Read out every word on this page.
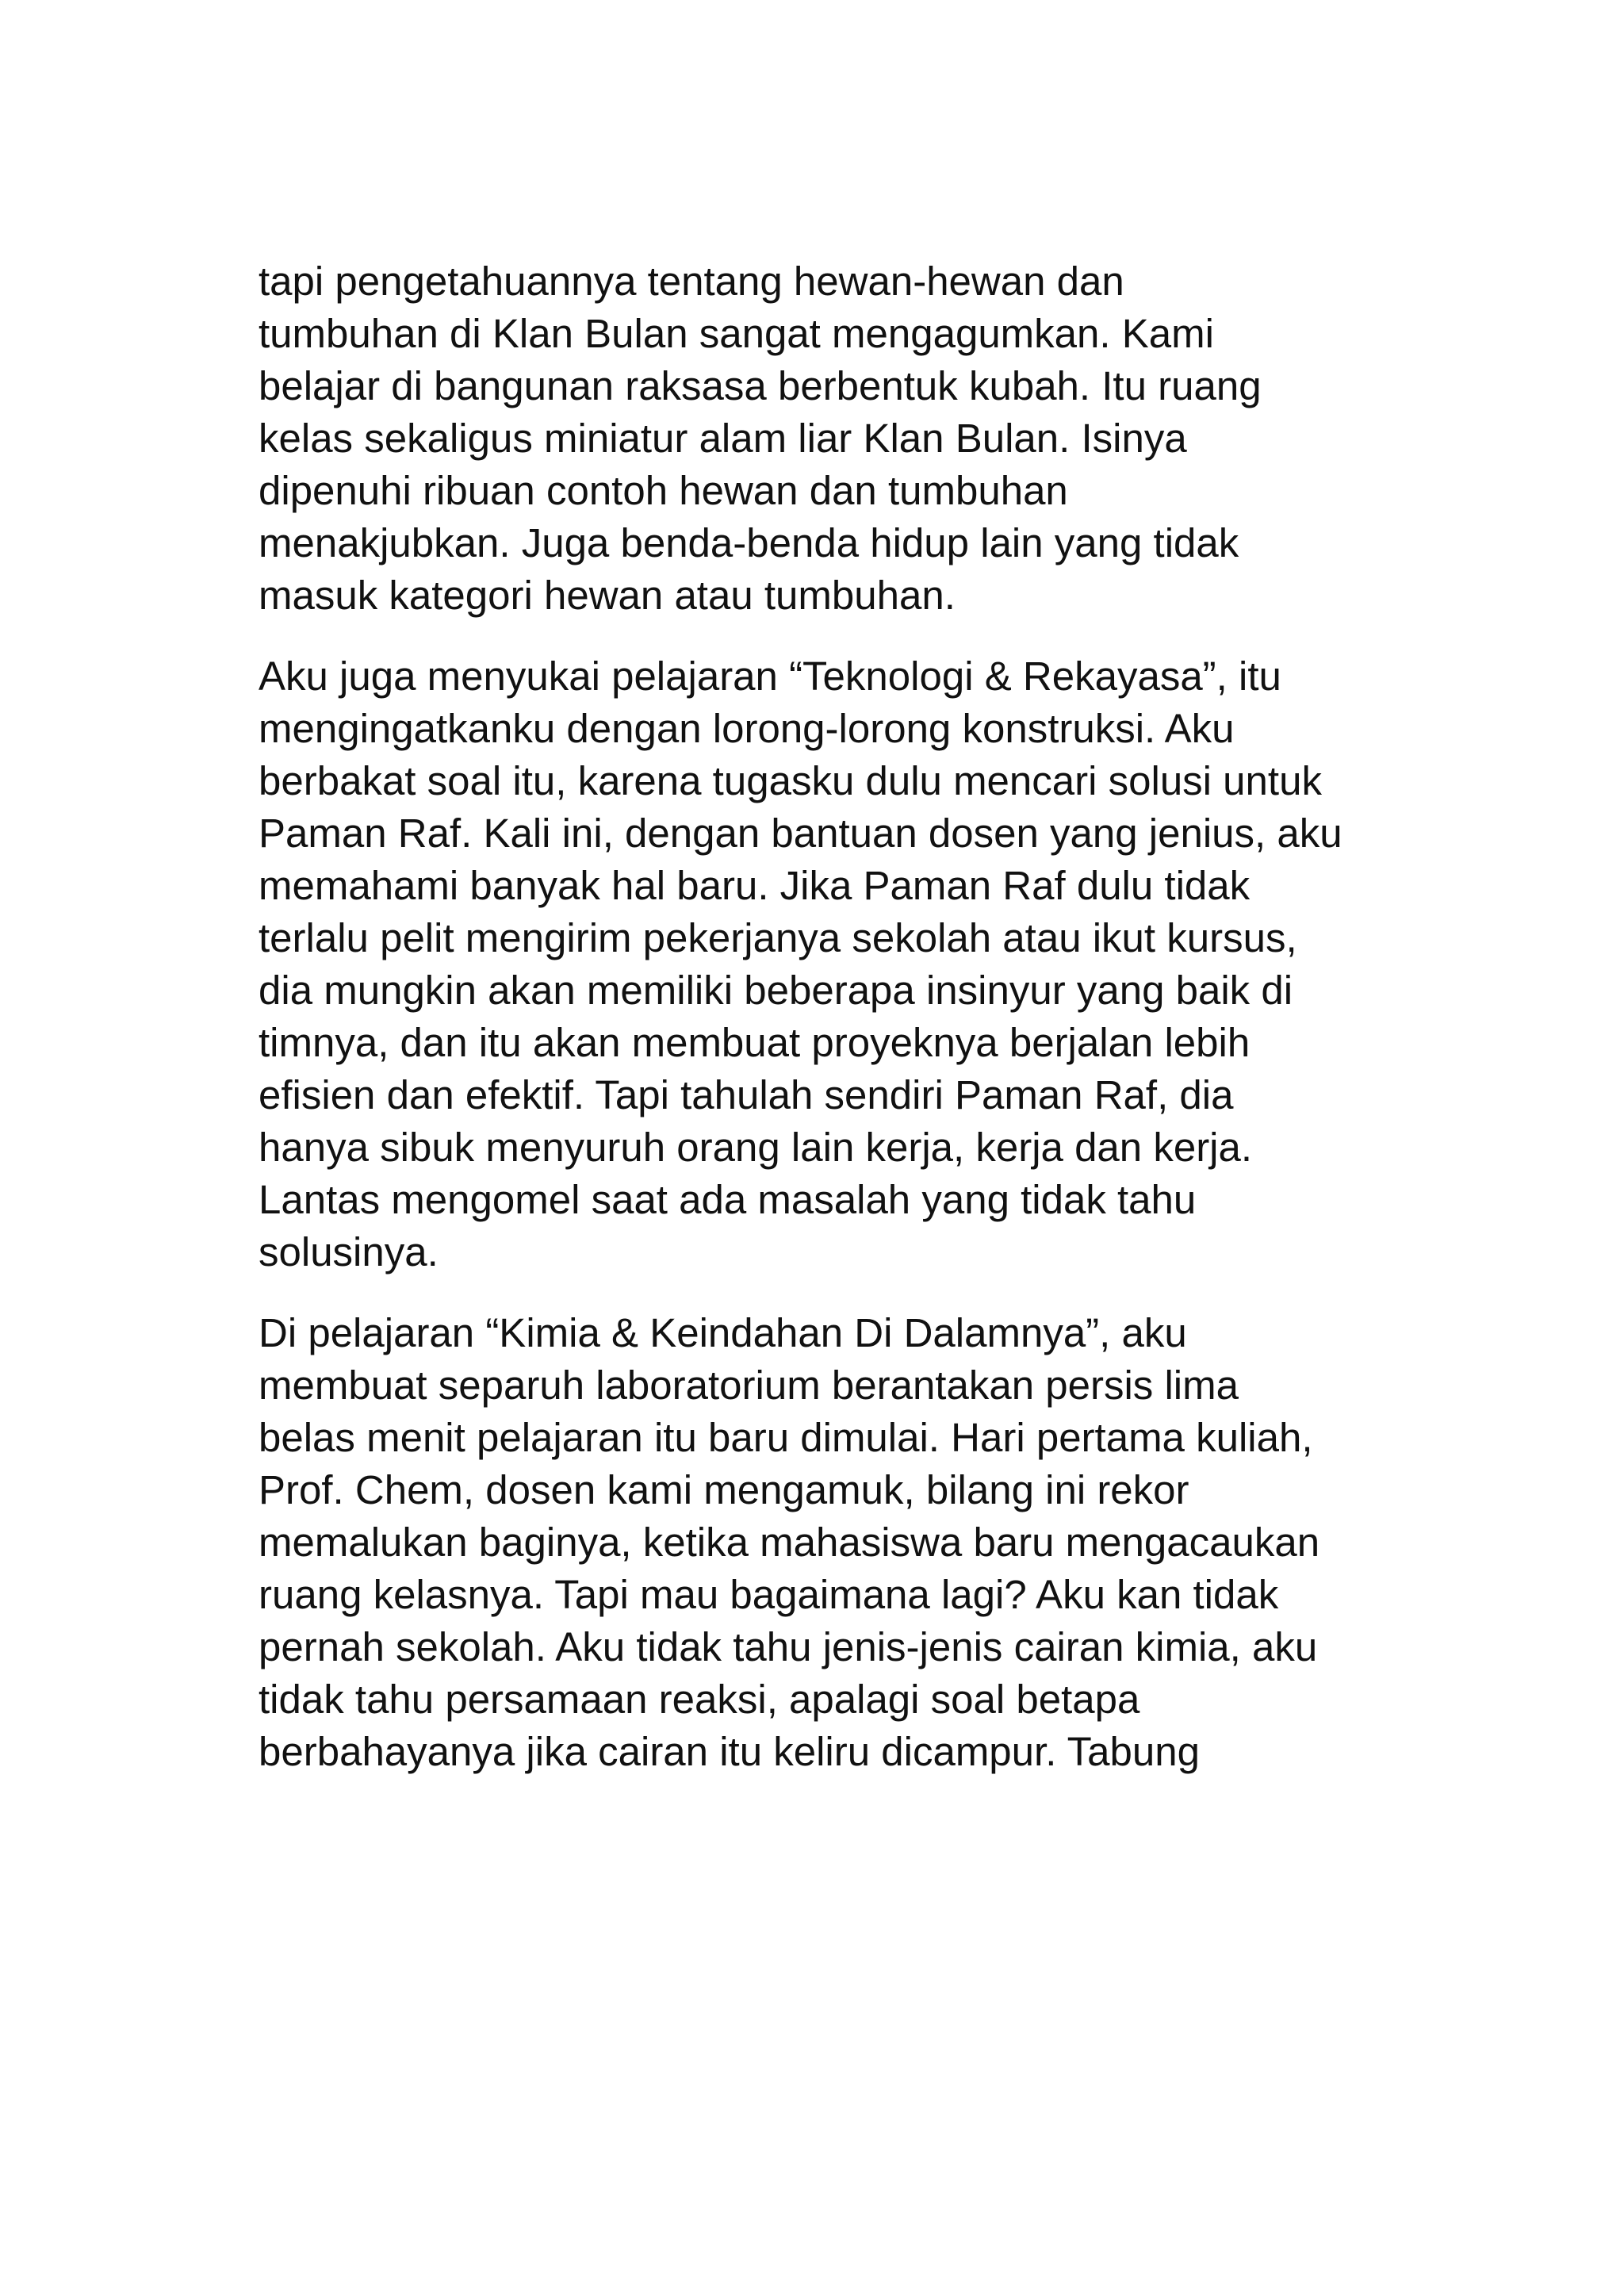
tapi pengetahuannya tentang hewan-hewan dan
tumbuhan di Klan Bulan sangat mengagumkan. Kami
belajar di bangunan raksasa berbentuk kubah. Itu ruang
kelas sekaligus miniatur alam liar Klan Bulan. Isinya
dipenuhi ribuan contoh hewan dan tumbuhan
menakjubkan. Juga benda-benda hidup lain yang tidak
masuk kategori hewan atau tumbuhan.

Aku juga menyukai pelajaran “Teknologi & Rekayasa”, itu
mengingatkanku dengan lorong-lorong konstruksi. Aku
berbakat soal itu, karena tugasku dulu mencari solusi untuk
Paman Raf. Kali ini, dengan bantuan dosen yang jenius, aku
memahami banyak hal baru. Jika Paman Raf dulu tidak
terlalu pelit mengirim pekerjanya sekolah atau ikut kursus,
dia mungkin akan memiliki beberapa insinyur yang baik di
timnya, dan itu akan membuat proyeknya berjalan lebih
efisien dan efektif. Tapi tahulah sendiri Paman Raf, dia
hanya sibuk menyuruh orang lain kerja, kerja dan kerja.
Lantas mengomel saat ada masalah yang tidak tahu
solusinya.

Di pelajaran “Kimia & Keindahan Di Dalamnya”, aku
membuat separuh laboratorium berantakan persis lima
belas menit pelajaran itu baru dimulai. Hari pertama kuliah,
Prof. Chem, dosen kami mengamuk, bilang ini rekor
memalukan baginya, ketika mahasiswa baru mengacaukan
ruang kelasnya. Tapi mau bagaimana lagi? Aku kan tidak
pernah sekolah. Aku tidak tahu jenis-jenis cairan kimia, aku
tidak tahu persamaan reaksi, apalagi soal betapa
berbahayanya jika cairan itu keliru dicampur. Tabung
